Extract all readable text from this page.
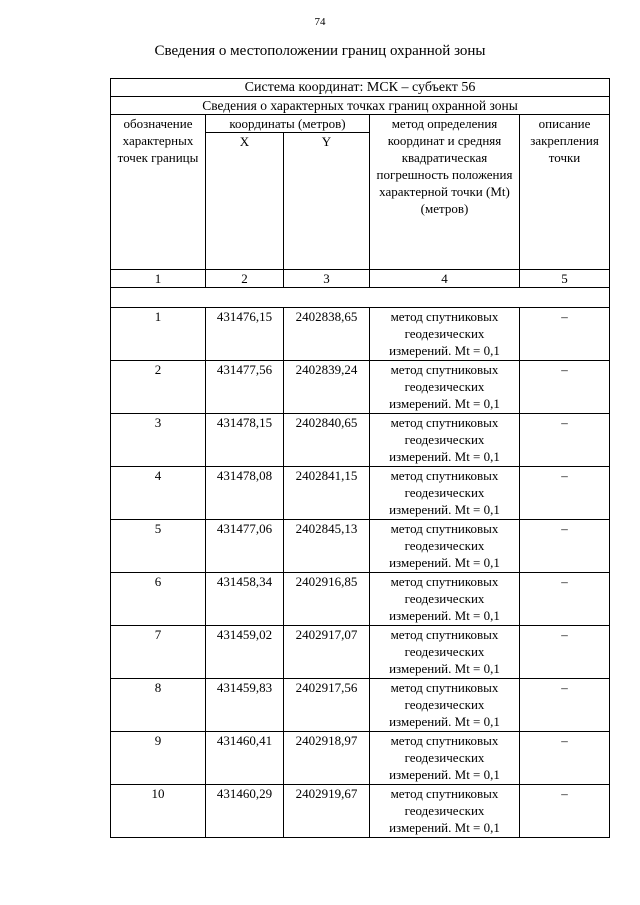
74
Сведения о местоположении границ охранной зоны
Система координат: МСК – субъект 56				
Сведения о характерных точках границ охранной зоны				
обозначение характерных точек границы	координаты (метров)		метод определения координат и средняя квадратическая погрешность положения характерной точки (Mt) (метров)	описание закрепления точки
	X	Y		
1	2	3	4	5

1	431476,15	2402838,65	метод спутниковых
геодезических
измерений. Mt = 0,1	–
2	431477,56	2402839,24	метод спутниковых
геодезических
измерений. Mt = 0,1	–
3	431478,15	2402840,65	метод спутниковых
геодезических
измерений. Mt = 0,1	–
4	431478,08	2402841,15	метод спутниковых
геодезических
измерений. Mt = 0,1	–
5	431477,06	2402845,13	метод спутниковых
геодезических
измерений. Mt = 0,1	–
6	431458,34	2402916,85	метод спутниковых
геодезических
измерений. Mt = 0,1	–
7	431459,02	2402917,07	метод спутниковых
геодезических
измерений. Mt = 0,1	–
8	431459,83	2402917,56	метод спутниковых
геодезических
измерений. Mt = 0,1	–
9	431460,41	2402918,97	метод спутниковых
геодезических
измерений. Mt = 0,1	–
10	431460,29	2402919,67	метод спутниковых
геодезических
измерений. Mt = 0,1	–
